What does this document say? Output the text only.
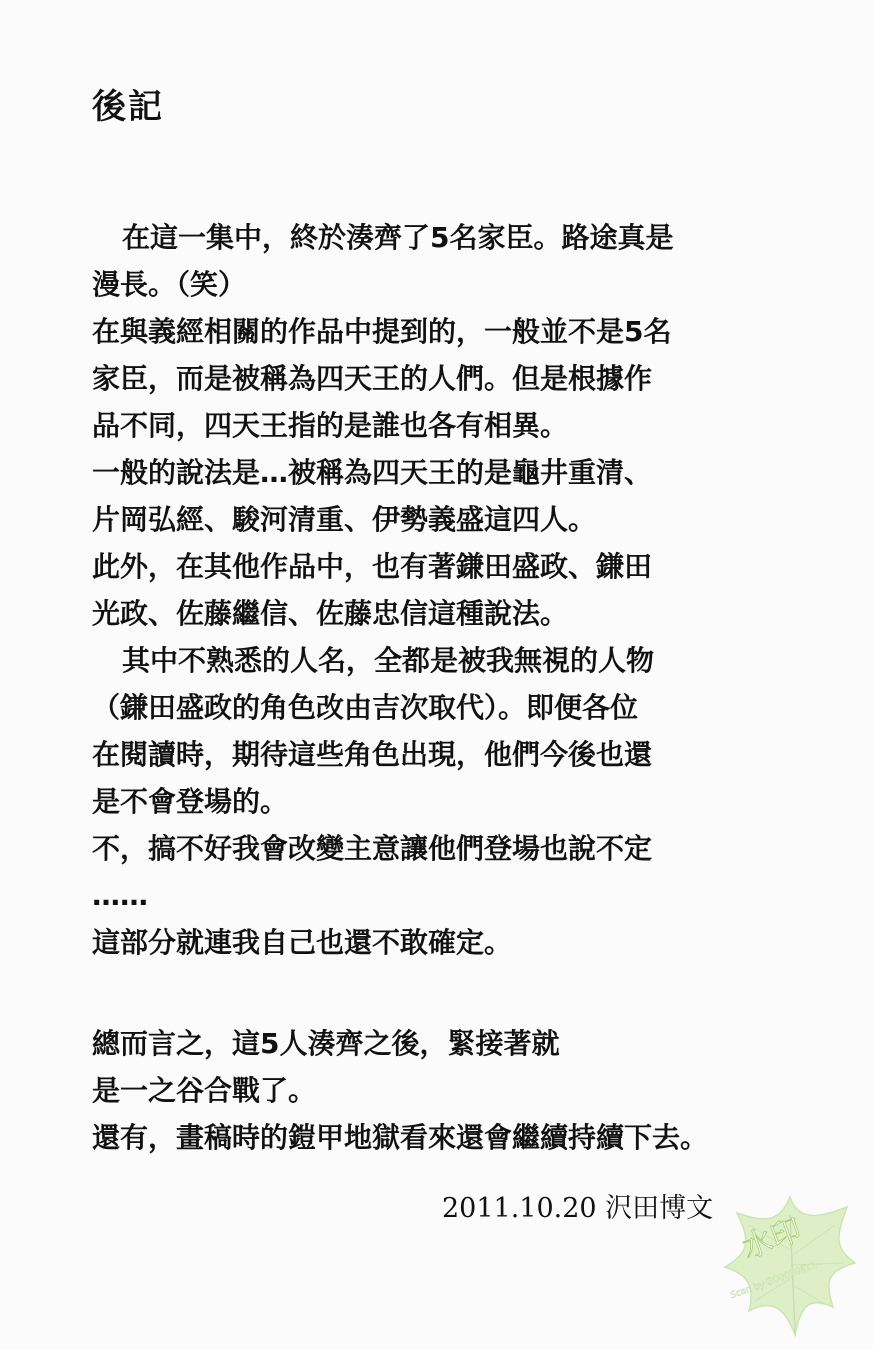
後記
在這一集中，終於湊齊了5名家臣。路途真是
漫長。（笑）
在與義經相關的作品中提到的，一般並不是5名
家臣，而是被稱為四天王的人們。但是根據作
品不同，四天王指的是誰也各有相異。
一般的說法是…被稱為四天王的是龜井重清、
片岡弘經、駿河清重、伊勢義盛這四人。
此外，在其他作品中，也有著鎌田盛政、鎌田
光政、佐藤繼信、佐藤忠信這種說法。
其中不熟悉的人名，全都是被我無視的人物
（鎌田盛政的角色改由吉次取代）。即便各位
在閱讀時，期待這些角色出現，他們今後也還
是不會登場的。
不，搞不好我會改變主意讓他們登場也說不定
……
這部分就連我自己也還不敢確定。
總而言之，這5人湊齊之後，緊接著就
是一之谷合戰了。
還有，畫稿時的鎧甲地獄看來還會繼續持續下去。
2011.10.20 沢田博文
水印
Scan by G00070811
